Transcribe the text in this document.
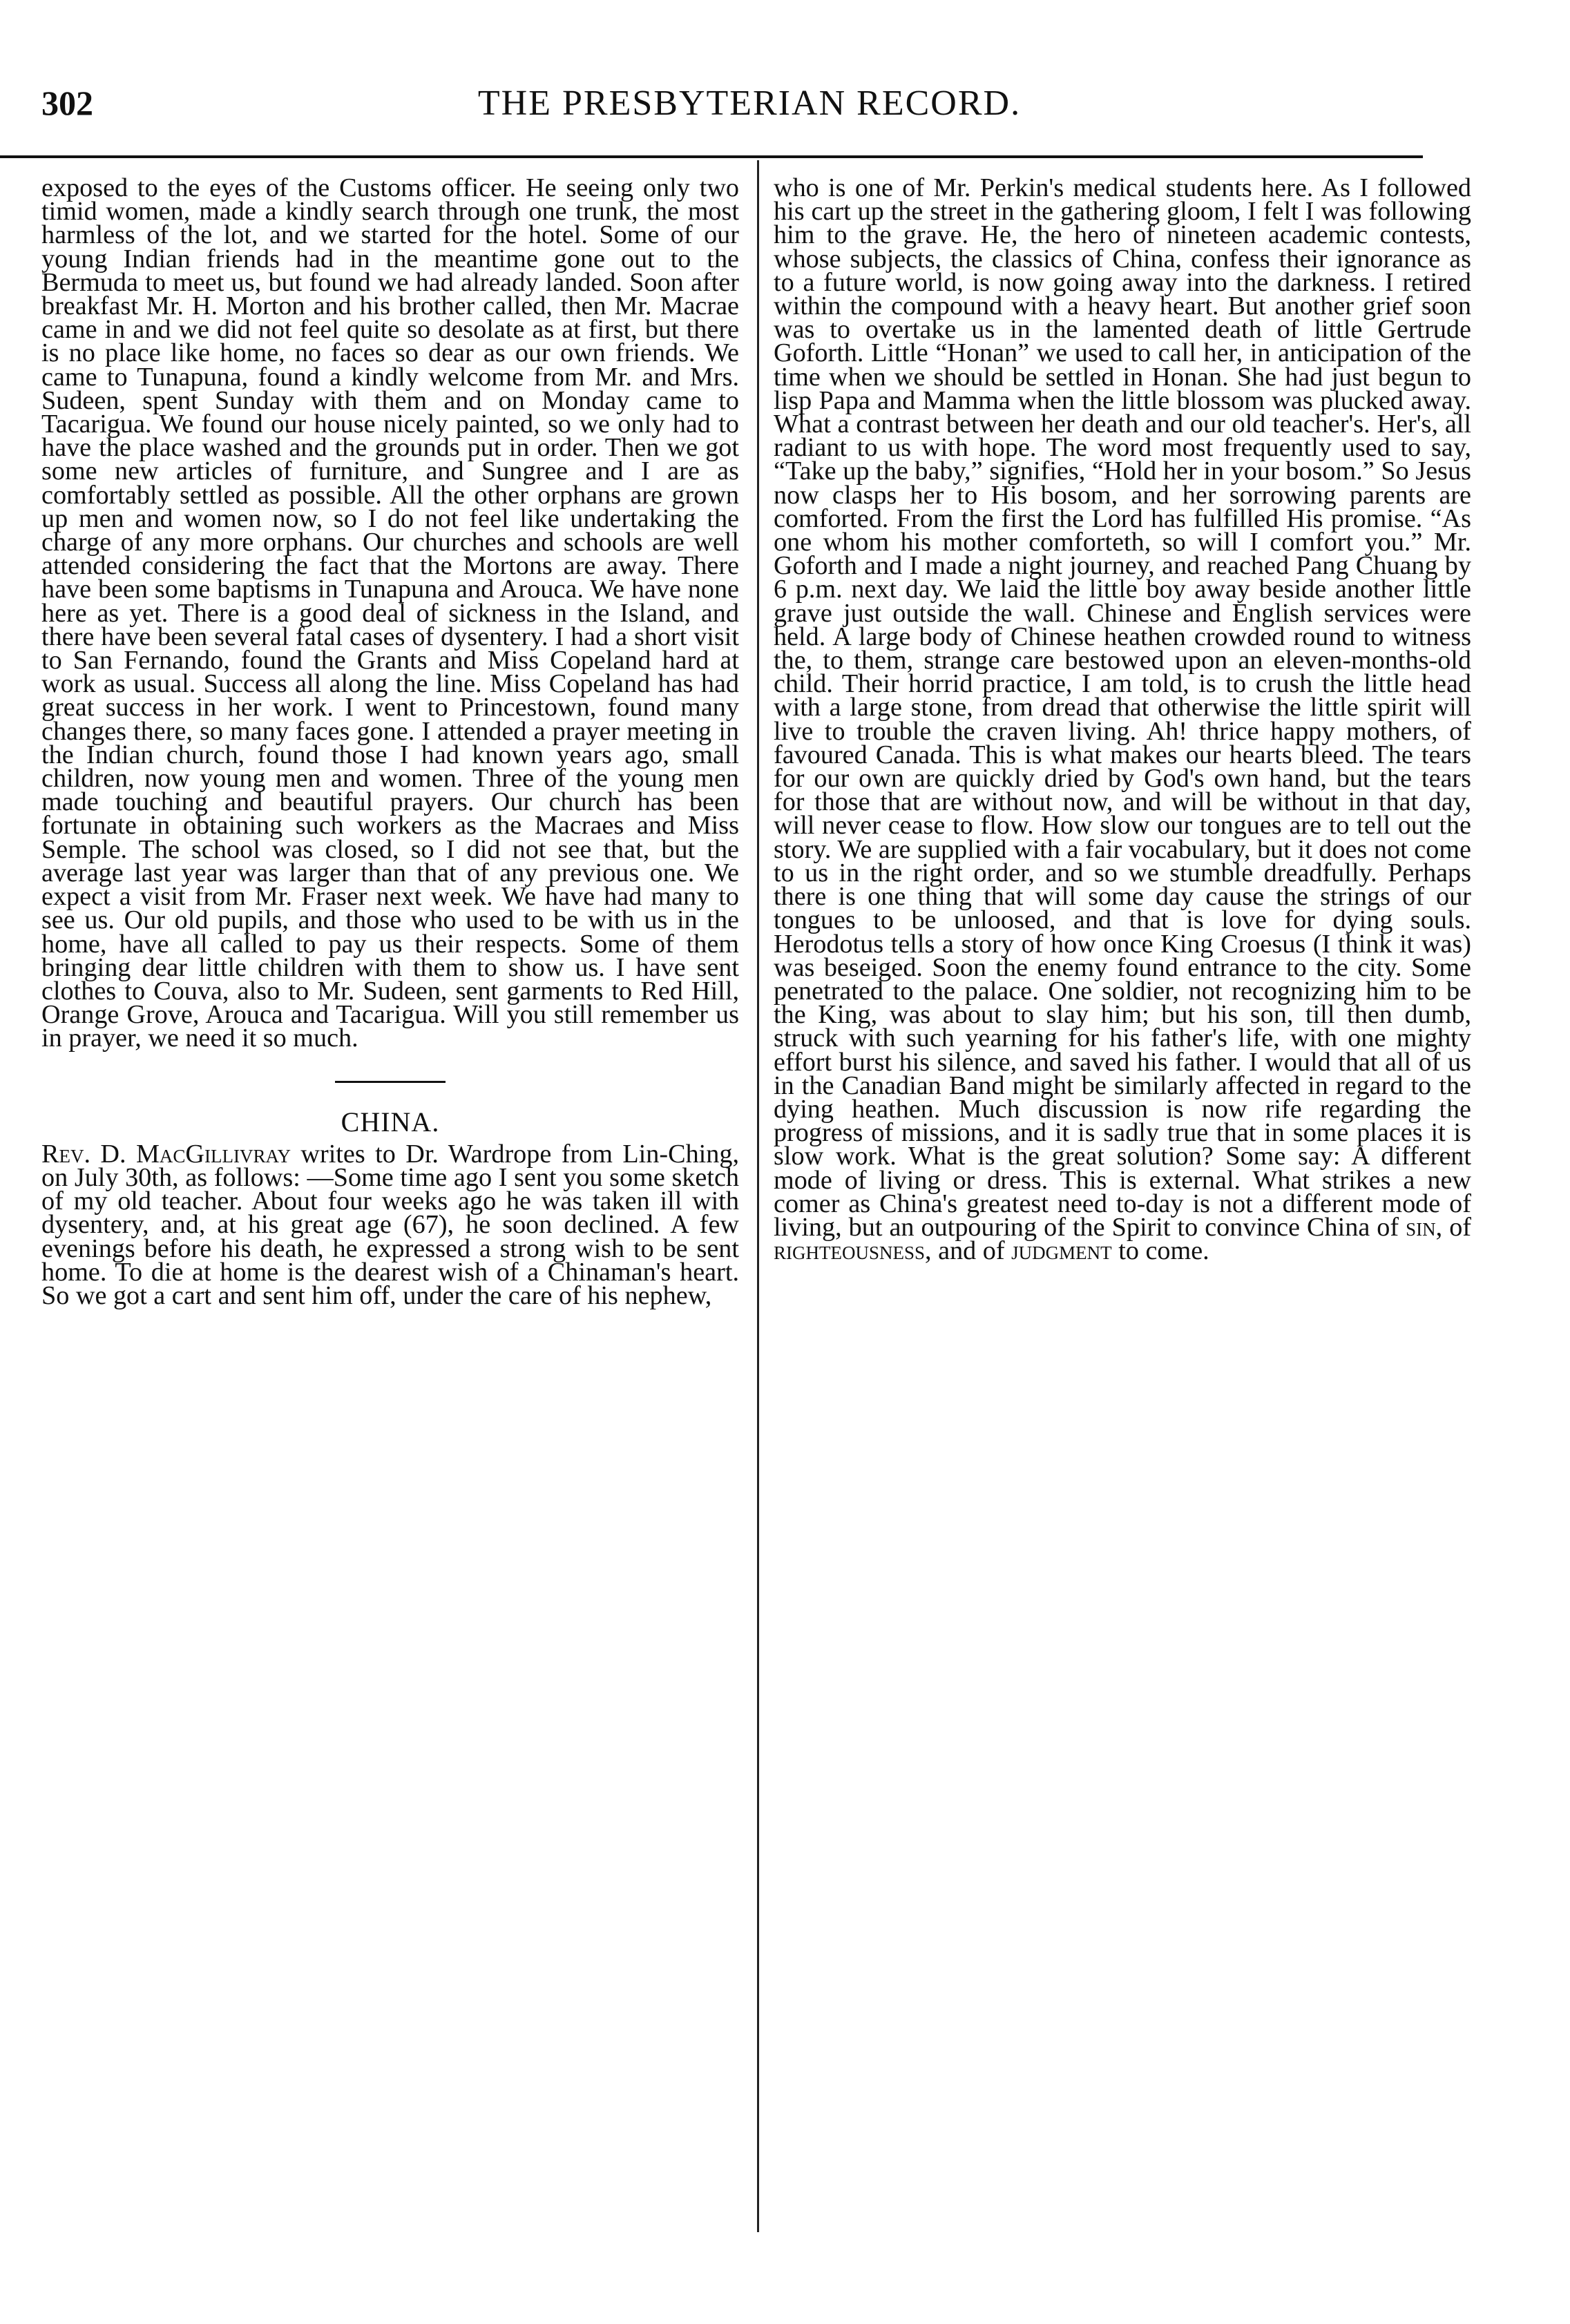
302	THE PRESBYTERIAN RECORD.

exposed to the eyes of the Customs officer. He seeing only two timid women, made a kindly search through one trunk, the most harmless of the lot, and we started for the hotel. Some of our young Indian friends had in the meantime gone out to the Bermuda to meet us, but found we had already landed. Soon after breakfast Mr. H. Morton and his brother called, then Mr. Macrae came in and we did not feel quite so desolate as at first, but there is no place like home, no faces so dear as our own friends. We came to Tunapuna, found a kindly welcome from Mr. and Mrs. Sudeen, spent Sunday with them and on Monday came to Tacarigua. We found our house nicely painted, so we only had to have the place washed and the grounds put in order. Then we got some new articles of furniture, and Sungree and I are as comfortably settled as possible. All the other orphans are grown up men and women now, so I do not feel like undertaking the charge of any more orphans. Our churches and schools are well attended considering the fact that the Mortons are away. There have been some baptisms in Tunapuna and Arouca. We have none here as yet. There is a good deal of sickness in the Island, and there have been several fatal cases of dysentery. I had a short visit to San Fernando, found the Grants and Miss Copeland hard at work as usual. Success all along the line. Miss Copeland has had great success in her work. I went to Princestown, found many changes there, so many faces gone. I attended a prayer meeting in the Indian church, found those I had known years ago, small children, now young men and women. Three of the young men made touching and beautiful prayers. Our church has been fortunate in obtaining such workers as the Macraes and Miss Semple. The school was closed, so I did not see that, but the average last year was larger than that of any previous one. We expect a visit from Mr. Fraser next week. We have had many to see us. Our old pupils, and those who used to be with us in the home, have all called to pay us their respects. Some of them bringing dear little children with them to show us. I have sent clothes to Couva, also to Mr. Sudeen, sent garments to Red Hill, Orange Grove, Arouca and Tacarigua. Will you still remember us in prayer, we need it so much.

CHINA.

Rev. D. MacGillivray writes to Dr. Wardrope from Lin-Ching, on July 30th, as follows: —Some time ago I sent you some sketch of my old teacher. About four weeks ago he was taken ill with dysentery, and, at his great age (67), he soon declined. A few evenings before his death, he expressed a strong wish to be sent home. To die at home is the dearest wish of a Chinaman's heart. So we got a cart and sent him off, under the care of his nephew,

who is one of Mr. Perkin's medical students here. As I followed his cart up the street in the gathering gloom, I felt I was following him to the grave. He, the hero of nineteen academic contests, whose subjects, the classics of China, confess their ignorance as to a future world, is now going away into the darkness. I retired within the compound with a heavy heart. But another grief soon was to overtake us in the lamented death of little Gertrude Goforth. Little “Honan” we used to call her, in anticipation of the time when we should be settled in Honan. She had just begun to lisp Papa and Mamma when the little blossom was plucked away. What a contrast between her death and our old teacher's. Her's, all radiant to us with hope. The word most frequently used to say, “Take up the baby,” signifies, “Hold her in your bosom.” So Jesus now clasps her to His bosom, and her sorrowing parents are comforted. From the first the Lord has fulfilled His promise. “As one whom his mother comforteth, so will I comfort you.” Mr. Goforth and I made a night journey, and reached Pang Chuang by 6 p.m. next day. We laid the little boy away beside another little grave just outside the wall. Chinese and English services were held. A large body of Chinese heathen crowded round to witness the, to them, strange care bestowed upon an eleven-months-old child. Their horrid practice, I am told, is to crush the little head with a large stone, from dread that otherwise the little spirit will live to trouble the craven living. Ah! thrice happy mothers, of favoured Canada. This is what makes our hearts bleed. The tears for our own are quickly dried by God's own hand, but the tears for those that are without now, and will be without in that day, will never cease to flow. How slow our tongues are to tell out the story. We are supplied with a fair vocabulary, but it does not come to us in the right order, and so we stumble dreadfully. Perhaps there is one thing that will some day cause the strings of our tongues to be unloosed, and that is love for dying souls. Herodotus tells a story of how once King Croesus (I think it was) was beseiged. Soon the enemy found entrance to the city. Some penetrated to the palace. One soldier, not recognizing him to be the King, was about to slay him; but his son, till then dumb, struck with such yearning for his father's life, with one mighty effort burst his silence, and saved his father. I would that all of us in the Canadian Band might be similarly affected in regard to the dying heathen. Much discussion is now rife regarding the progress of missions, and it is sadly true that in some places it is slow work. What is the great solution? Some say: A different mode of living or dress. This is external. What strikes a new comer as China's greatest need to-day is not a different mode of living, but an outpouring of the Spirit to convince China of sin, of righteousness, and of judgment to come.
